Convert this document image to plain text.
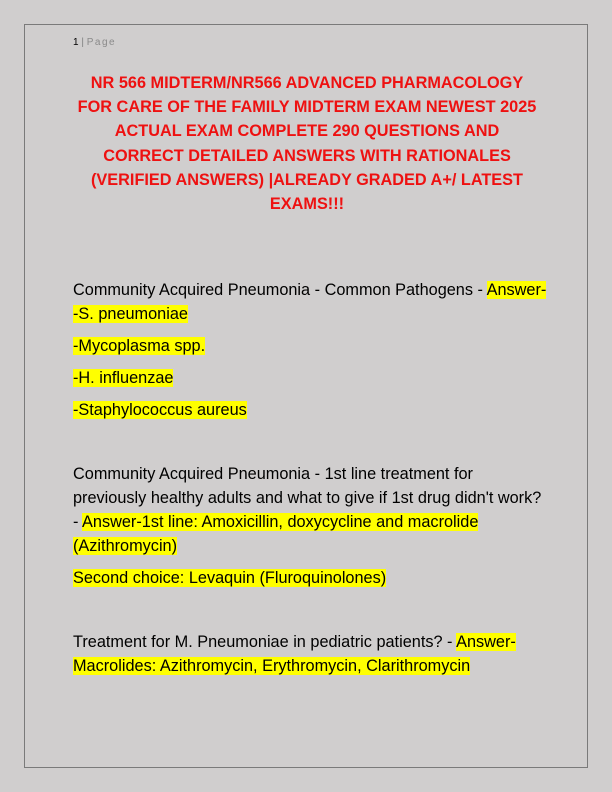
1 | Page
NR 566 MIDTERM/NR566 ADVANCED PHARMACOLOGY FOR CARE OF THE FAMILY MIDTERM EXAM NEWEST 2025 ACTUAL EXAM COMPLETE 290 QUESTIONS AND CORRECT DETAILED ANSWERS WITH RATIONALES (VERIFIED ANSWERS) |ALREADY GRADED A+/ LATEST EXAMS!!!

Community Acquired Pneumonia - Common Pathogens - Answer--S. pneumoniae

-Mycoplasma spp.

-H. influenzae

-Staphylococcus aureus

Community Acquired Pneumonia - 1st line treatment for previously healthy adults and what to give if 1st drug didn't work? - Answer-1st line: Amoxicillin, doxycycline and macrolide (Azithromycin)

Second choice: Levaquin (Fluroquinolones)

Treatment for M. Pneumoniae in pediatric patients? - Answer-Macrolides: Azithromycin, Erythromycin, Clarithromycin
